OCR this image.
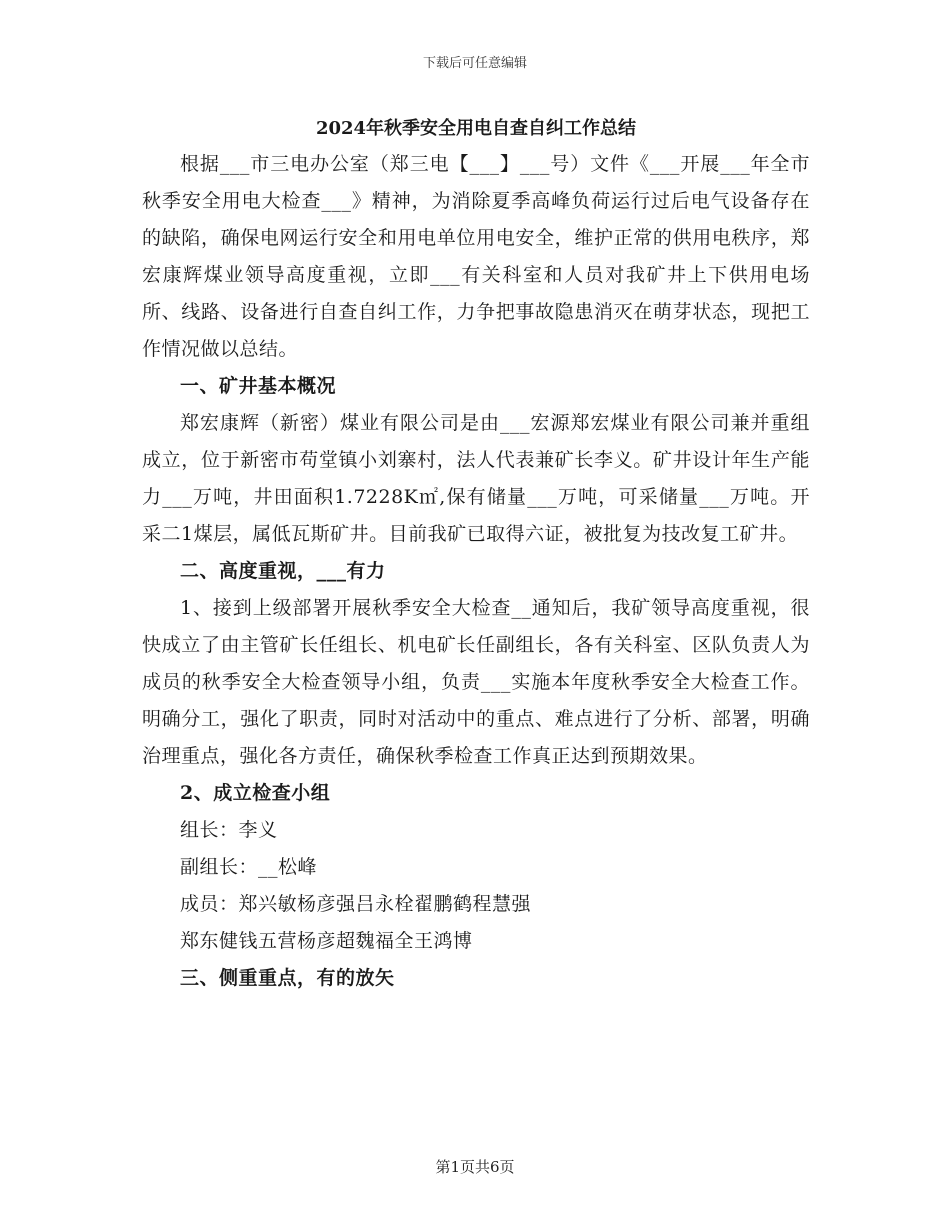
下载后可任意编辑
2024年秋季安全用电自查自纠工作总结

根据___市三电办公室（郑三电【___】___号）文件《___开展___年全市秋季安全用电大检查___》精神，为消除夏季高峰负荷运行过后电气设备存在的缺陷，确保电网运行安全和用电单位用电安全，维护正常的供用电秩序，郑宏康辉煤业领导高度重视，立即___有关科室和人员对我矿井上下供用电场所、线路、设备进行自查自纠工作，力争把事故隐患消灭在萌芽状态，现把工作情况做以总结。

一、矿井基本概况

郑宏康辉（新密）煤业有限公司是由___宏源郑宏煤业有限公司兼并重组成立，位于新密市苟堂镇小刘寨村，法人代表兼矿长李义。矿井设计年生产能力___万吨，井田面积1.7228K㎡,保有储量___万吨，可采储量___万吨。开采二1煤层，属低瓦斯矿井。目前我矿已取得六证，被批复为技改复工矿井。

二、高度重视，___有力

1、接到上级部署开展秋季安全大检查__通知后，我矿领导高度重视，很快成立了由主管矿长任组长、机电矿长任副组长，各有关科室、区队负责人为成员的秋季安全大检查领导小组，负责___实施本年度秋季安全大检查工作。明确分工，强化了职责，同时对活动中的重点、难点进行了分析、部署，明确治理重点，强化各方责任，确保秋季检查工作真正达到预期效果。

2、成立检查小组

组长：李义

副组长：__松峰

成员：郑兴敏杨彦强吕永栓翟鹏鹤程慧强

郑东健钱五营杨彦超魏福全王鸿博

三、侧重重点，有的放矢

第1页共6页
